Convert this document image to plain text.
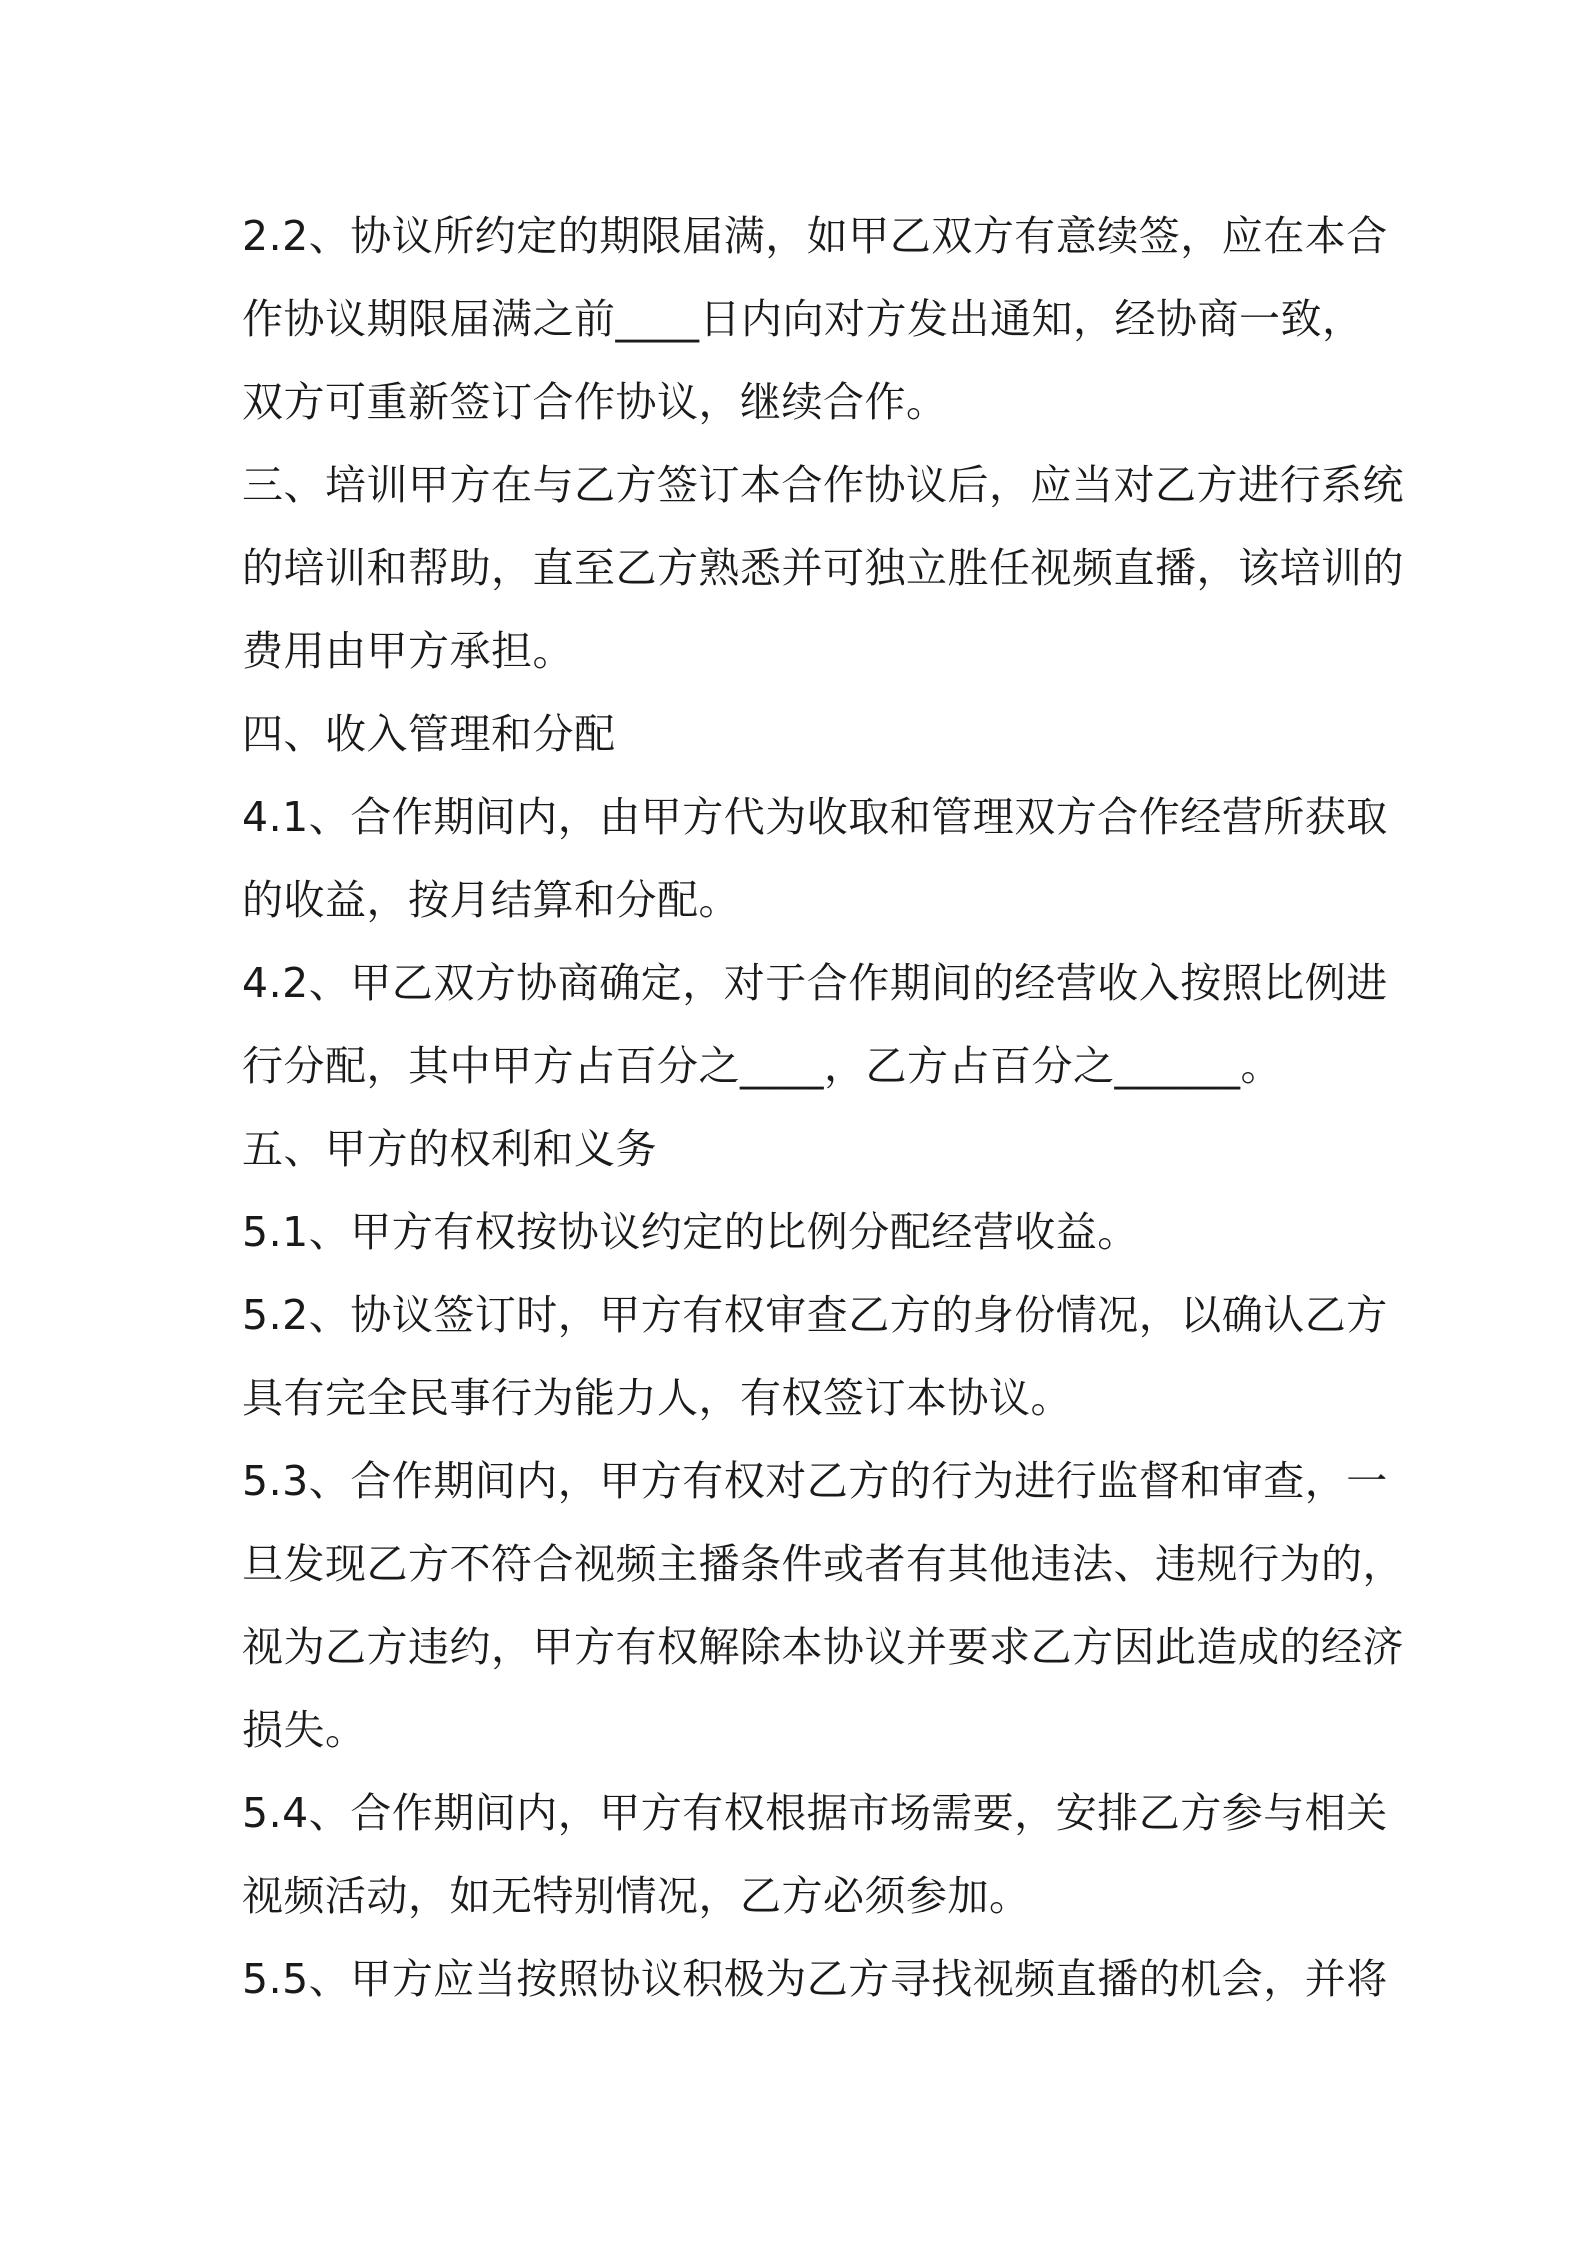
2.2、协议所约定的期限届满，如甲乙双方有意续签，应在本合
作协议期限届满之前____日内向对方发出通知，经协商一致，
双方可重新签订合作协议，继续合作。
三、培训甲方在与乙方签订本合作协议后，应当对乙方进行系统
的培训和帮助，直至乙方熟悉并可独立胜任视频直播，该培训的
费用由甲方承担。
四、收入管理和分配
4.1、合作期间内，由甲方代为收取和管理双方合作经营所获取
的收益，按月结算和分配。
4.2、甲乙双方协商确定，对于合作期间的经营收入按照比例进
行分配，其中甲方占百分之____，乙方占百分之______。
五、甲方的权利和义务
5.1、甲方有权按协议约定的比例分配经营收益。
5.2、协议签订时，甲方有权审查乙方的身份情况，以确认乙方
具有完全民事行为能力人，有权签订本协议。
5.3、合作期间内，甲方有权对乙方的行为进行监督和审查，一
旦发现乙方不符合视频主播条件或者有其他违法、违规行为的，
视为乙方违约，甲方有权解除本协议并要求乙方因此造成的经济
损失。
5.4、合作期间内，甲方有权根据市场需要，安排乙方参与相关
视频活动，如无特别情况，乙方必须参加。
5.5、甲方应当按照协议积极为乙方寻找视频直播的机会，并将
